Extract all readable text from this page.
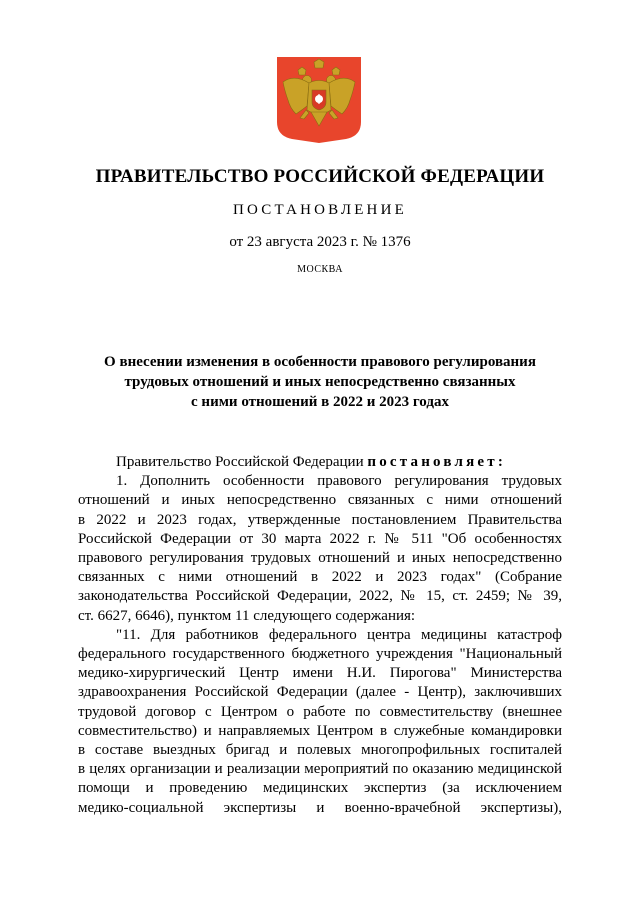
ПРАВИТЕЛЬСТВО РОССИЙСКОЙ ФЕДЕРАЦИИ
ПОСТАНОВЛЕНИЕ
от 23 августа 2023 г. № 1376
МОСКВА
О внесении изменения в особенности правового регулирования
трудовых отношений и иных непосредственно связанных
с ними отношений в 2022 и 2023 годах
Правительство Российской Федерации постановляет:
1. Дополнить особенности правового регулирования трудовых
отношений и иных непосредственно связанных с ними отношений
в 2022 и 2023 годах, утвержденные постановлением Правительства
Российской Федерации от 30 марта 2022 г. № 511 "Об особенностях
правового регулирования трудовых отношений и иных непосредственно
связанных с ними отношений в 2022 и 2023 годах" (Собрание
законодательства Российской Федерации, 2022, № 15, ст. 2459; № 39,
ст. 6627, 6646), пунктом 11 следующего содержания:
"11. Для работников федерального центра медицины катастроф
федерального государственного бюджетного учреждения "Национальный
медико-хирургический Центр имени Н.И. Пирогова" Министерства
здравоохранения Российской Федерации (далее - Центр), заключивших
трудовой договор с Центром о работе по совместительству (внешнее
совместительство) и направляемых Центром в служебные командировки
в составе выездных бригад и полевых многопрофильных госпиталей
в целях организации и реализации мероприятий по оказанию медицинской
помощи и проведению медицинских экспертиз (за исключением
медико-социальной экспертизы и военно-врачебной экспертизы),
